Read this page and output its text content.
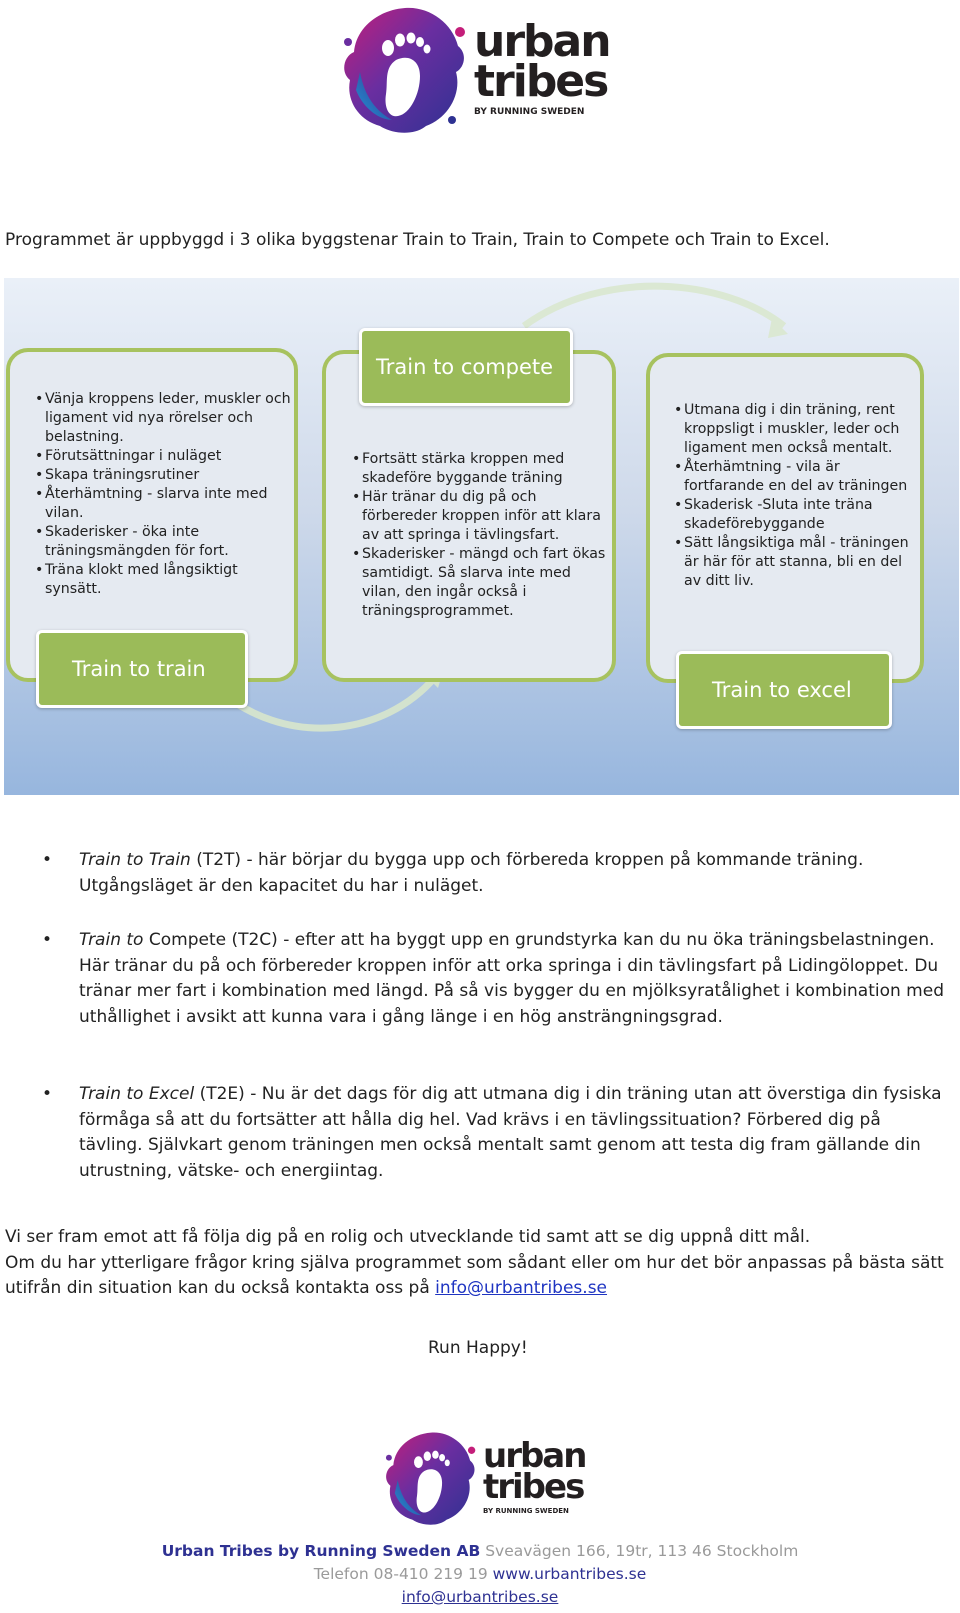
urban
tribes
BY RUNNING SWEDEN

Programmet är uppbyggd i 3 olika byggstenar Train to Train, Train to Compete och Train to Excel.

• Vänja kroppens leder, muskler och ligament vid nya rörelser och belastning.
• Förutsättningar i nuläget
• Skapa träningsrutiner
• Återhämtning - slarva inte med vilan.
• Skaderisker - öka inte träningsmängden för fort.
• Träna klokt med långsiktigt synsätt.
• Fortsätt stärka kroppen med skadeföre byggande träning
• Här tränar du dig på och förbereder kroppen inför att klara av att springa i tävlingsfart.
• Skaderisker - mängd och fart ökas samtidigt. Så slarva inte med vilan, den ingår också i träningsprogrammet.
• Utmana dig i din träning, rent kroppsligt i muskler, leder och ligament men också mentalt.
• Återhämtning - vila är fortfarande en del av träningen
• Skaderisk -Sluta inte träna skadeförebyggande
• Sätt långsiktiga mål - träningen är här för att stanna, bli en del av ditt liv.
Train to train
Train to compete
Train to excel
• Train to Train (T2T) - här börjar du bygga upp och förbereda kroppen på kommande träning. Utgångsläget är den kapacitet du har i nuläget.
• Train to Compete (T2C) - efter att ha byggt upp en grundstyrka kan du nu öka träningsbelastningen.
Här tränar du på och förbereder kroppen inför att orka springa i din tävlingsfart på Lidingöloppet. Du tränar mer fart i kombination med längd. På så vis bygger du en mjölksyratålighet i kombination med uthållighet i avsikt att kunna vara i gång länge i en hög ansträngningsgrad.
• Train to Excel (T2E) - Nu är det dags för dig att utmana dig i din träning utan att överstiga din fysiska förmåga så att du fortsätter att hålla dig hel. Vad krävs i en tävlingssituation? Förbered dig på tävling. Självkart genom träningen men också mentalt samt genom att testa dig fram gällande din utrustning, vätske- och energiintag.

Vi ser fram emot att få följa dig på en rolig och utvecklande tid samt att se dig uppnå ditt mål.
Om du har ytterligare frågor kring själva programmet som sådant eller om hur det bör anpassas på bästa sätt utifrån din situation kan du också kontakta oss på info@urbantribes.se

Run Happy!
urban
tribes
BY RUNNING SWEDEN
Urban Tribes by Running Sweden AB Sveavägen 166, 19tr, 113 46 Stockholm
Telefon 08-410 219 19 www.urbantribes.se
info@urbantribes.se
